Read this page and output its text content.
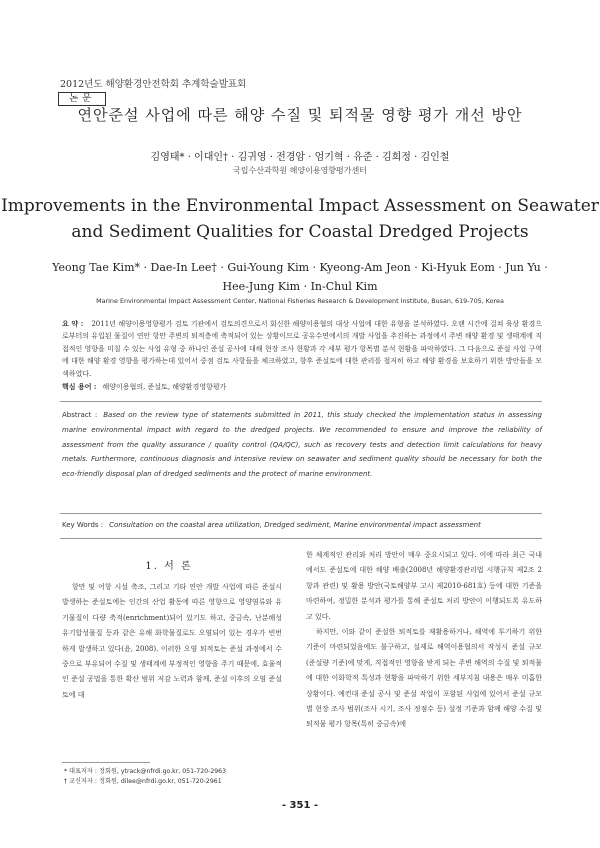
2012년도 해양환경안전학회 추계학술발표회
논문
연안준설 사업에 따른 해양 수질 및 퇴적물 영향 평가 개선 방안
김영태* · 이대인† · 김귀영 · 전경암 · 엄기혁 · 유준 · 김희정 · 김인철
국립수산과학원 해양이용영향평가센터
Improvements in the Environmental Impact Assessment on Seawater
and Sediment Qualities for Coastal Dredged Projects
Yeong Tae Kim* · Dae-In Lee† · Gui-Young Kim · Kyeong-Am Jeon · Ki-Hyuk Eom · Jun Yu ·
Hee-Jung Kim · In-Chul Kim
Marine Environmental Impact Assessment Center, National Fisheries Research & Development Institute, Busan, 619-705, Korea
요 약 : 2011년 해양이용영향평가 검토 기관에서 검토의견으로서 회신한 해양이용협의 대상 사업에 대한 유형을 분석하였다. 오랜 시간에 걸쳐 육상 환경으로부터의 유입된 물질이 연안 항만 주변의 퇴적층에 축적되어 있는 상황이므로 공유수면에서의 개발 사업을 추진하는 과정에서 주변 해양 환경 및 생태계에 직접적인 영향을 미칠 수 있는 사업 유형 중 하나인 준설 공사에 대해 현장 조사 현황과 각 세부 평가 항목별 분석 현황을 파악하였다. 그 다음으로 준설 사업 구역에 대한 해양 환경 영향을 평가하는데 있어서 중점 검토 사항들을 체크하였고, 향후 준설토에 대한 관리를 철저히 하고 해양 환경을 보호하기 위한 방안들을 모색하였다.
핵심 용어 : 해양이용협의, 준설토, 해양환경영향평가
Abstract : Based on the review type of statements submitted in 2011, this study checked the implementation status in assessing marine environmental impact with regard to the dredged projects. We recommended to ensure and improve the reliability of assessment from the quality assurance / quality control (QA/QC), such as recovery tests and detection limit calculations for heavy metals. Furthermore, continuous diagnosis and intensive review on seawater and sediment quality should be necessary for both the eco-friendly disposal plan of dredged sediments and the protect of marine environment.
Key Words : Consultation on the coastal area utilization, Dredged sediment, Marine environmental impact assessment
1. 서 론

항만 및 어항 시설 축조, 그리고 기타 연안 개발 사업에 따른 준설시 발생하는 준설토에는 인간의 산업 활동에 따른 영향으로 영양염류와 유기물질이 다량 축적(enrichment)되어 있기도 하고, 중금속, 난분해성 유기합성물질 등과 같은 유해 화학물질로도 오염되어 있는 경우가 빈번하게 발생하고 있다(윤, 2008). 이러한 오염 퇴적토는 준설 과정에서 수중으로 부유되어 수질 및 생태계에 부정적인 영향을 주기 때문에, 효율적인 준설 공법을 통한 확산 범위 저감 노력과 함께, 준설 이후의 오염 준설토에 대

한 체계적인 관리와 처리 방안이 매우 중요시되고 있다. 이에 따라 최근 국내에서도 준설토에 대한 해양 배출(2008년 해양환경관리법 시행규칙 제2조 2항과 관련) 및 활용 방안(국토해양부 고시 제2010-681호) 등에 대한 기준을 마련하여, 정밀한 분석과 평가를 통해 준설토 처리 방안이 이행되도록 유도하고 있다.

하지만, 이와 같이 준설한 퇴적토를 재활용하거나, 해역에 투기하기 위한 기준이 마련되었음에도 불구하고, 실제로 해역이용협의서 작성시 준설 규모(준설량 기준)에 맞게, 직접적인 영향을 받게 되는 주변 해역의 수질 및 퇴적물에 대한 이화학적 특성과 현황을 파악하기 위한 세부지침 내용은 매우 미흡한 상황이다. 예컨대 준설 공사 및 준설 작업이 포함된 사업에 있어서 준설 규모별 현장 조사 범위(조사 시기, 조사 정점수 등) 설정 기준과 함께 해양 수질 및 퇴적물 평가 항목(특히 중금속)에

* 대표저자 : 정회원, ytrack@nfrdi.go.kr, 051-720-2963
† 교신저자 : 정회원, dilee@nfrdi.go.kr, 051-720-2961
- 351 -
